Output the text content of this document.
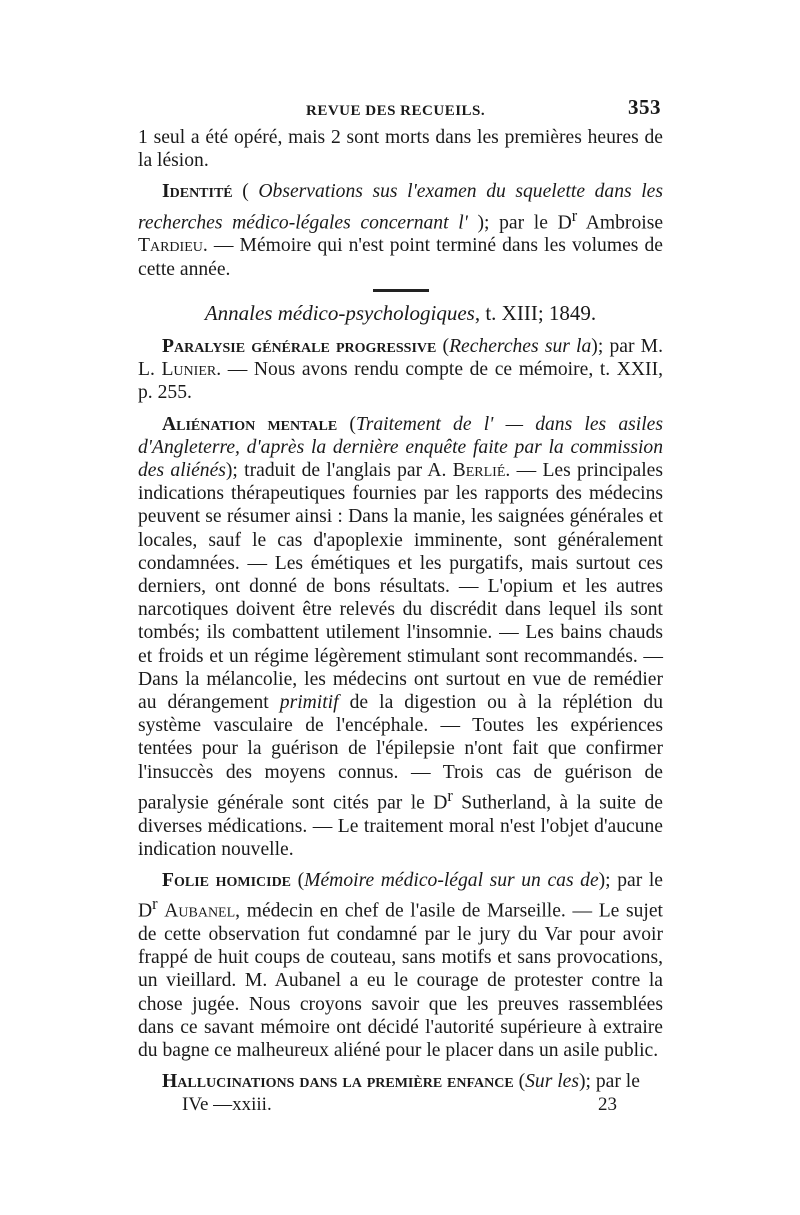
REVUE DES RECUEILS.	353

1 seul a été opéré, mais 2 sont morts dans les premières heures de la lésion.

Identité ( Observations sus l'examen du squelette dans les recherches médico-légales concernant l' ); par le $D^r$ Ambroise Tardieu. — Mémoire qui n'est point terminé dans les volumes de cette année.

Annales médico-psychologiques, t. XIII; 1849.

Paralysie générale progressive (Recherches sur la); par M. L. Lunier. — Nous avons rendu compte de ce mémoire, t. XXII, p. 255.

Aliénation mentale (Traitement de l' — dans les asiles d'Angleterre, d'après la dernière enquête faite par la commission des aliénés); traduit de l'anglais par A. Berlié. — Les principales indications thérapeutiques fournies par les rapports des médecins peuvent se résumer ainsi : Dans la manie, les saignées générales et locales, sauf le cas d'apoplexie imminente, sont généralement condamnées. — Les émétiques et les purgatifs, mais surtout ces derniers, ont donné de bons résultats. — L'opium et les autres narcotiques doivent être relevés du discrédit dans lequel ils sont tombés; ils combattent utilement l'insomnie. — Les bains chauds et froids et un régime légèrement stimulant sont recommandés. — Dans la mélancolie, les médecins ont surtout en vue de remédier au dérangement primitif de la digestion ou à la réplétion du système vasculaire de l'encéphale. — Toutes les expériences tentées pour la guérison de l'épilepsie n'ont fait que confirmer l'insuccès des moyens connus. — Trois cas de guérison de paralysie générale sont cités par le $D^r$ Sutherland, à la suite de diverses médications. — Le traitement moral n'est l'objet d'aucune indication nouvelle.

Folie homicide (Mémoire médico-légal sur un cas de); par le $D^r$ Aubanel, médecin en chef de l'asile de Marseille. — Le sujet de cette observation fut condamné par le jury du Var pour avoir frappé de huit coups de couteau, sans motifs et sans provocations, un vieillard. M. Aubanel a eu le courage de protester contre la chose jugée. Nous croyons savoir que les preuves rassemblées dans ce savant mémoire ont décidé l'autorité supérieure à extraire du bagne ce malheureux aliéné pour le placer dans un asile public.

Hallucinations dans la première enfance (Sur les); par le

IVe —xxiii.	23
